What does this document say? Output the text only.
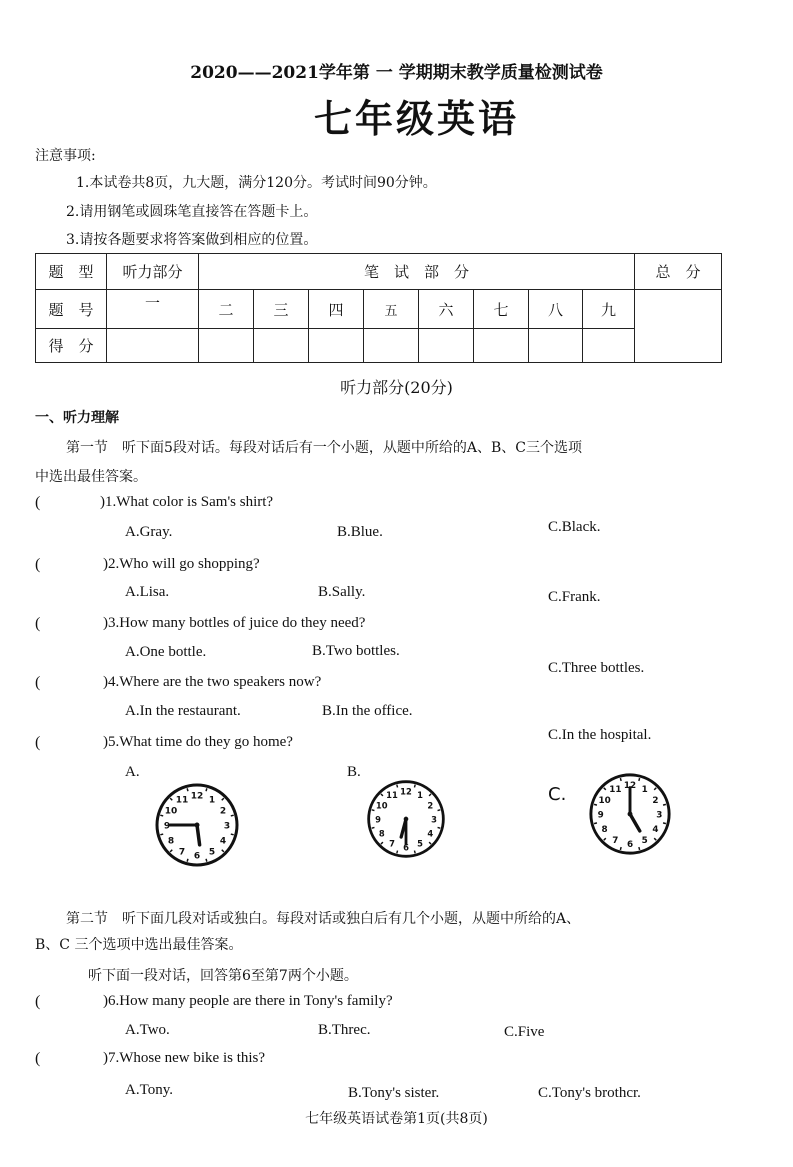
2020——2021学年第 一 学期期末教学质量检测试卷
七年级英语
注意事项:
1.本试卷共8页，九大题，满分120分。考试时间90分钟。
2.请用钢笔或圆珠笔直接答在答题卡上。
3.请按各题要求将答案做到相应的位置。
题　型	听力部分	笔　试　部　分								总　分
题　号	一	二	三	四	五	六	七	八	九	
得　分										
听力部分(20分)
一、听力理解
第一节　听下面5段对话。每段对话后有一个小题，从题中所给的A、B、C三个选项
中选出最佳答案。
(	)1.What color is Sam's shirt?
A.Gray.	B.Blue.	C.Black.
(	)2.Who will go shopping?
A.Lisa.	B.Sally.	C.Frank.
(	)3.How many bottles of juice do they need?
A.One bottle.	B.Two bottles.
C.Three bottles.
(	)4.Where are the two speakers now?
A.In the restaurant.	B.In the office.
C.In the hospital.
(	)5.What time do they go home?
A.	B.
C.
1
2
3
4
5
6
7
8
9
10
11 12	1
2
3
4
5
6
7
8
9
10
11 12	1
2
3
4
5
6
7
8
9
10
11 12
第二节　听下面几段对话或独白。每段对话或独白后有几个小题，从题中所给的A、
B、C 三个选项中选出最佳答案。
听下面一段对话，回答第6至第7两个小题。
(	)6.How many people are there in Tony's family?
A.Two.	B.Threc.	C.Five
(	)7.Whose new bike is this?
A.Tony.	B.Tony's sister.	C.Tony's brothcr.
七年级英语试卷第1页(共8页)
